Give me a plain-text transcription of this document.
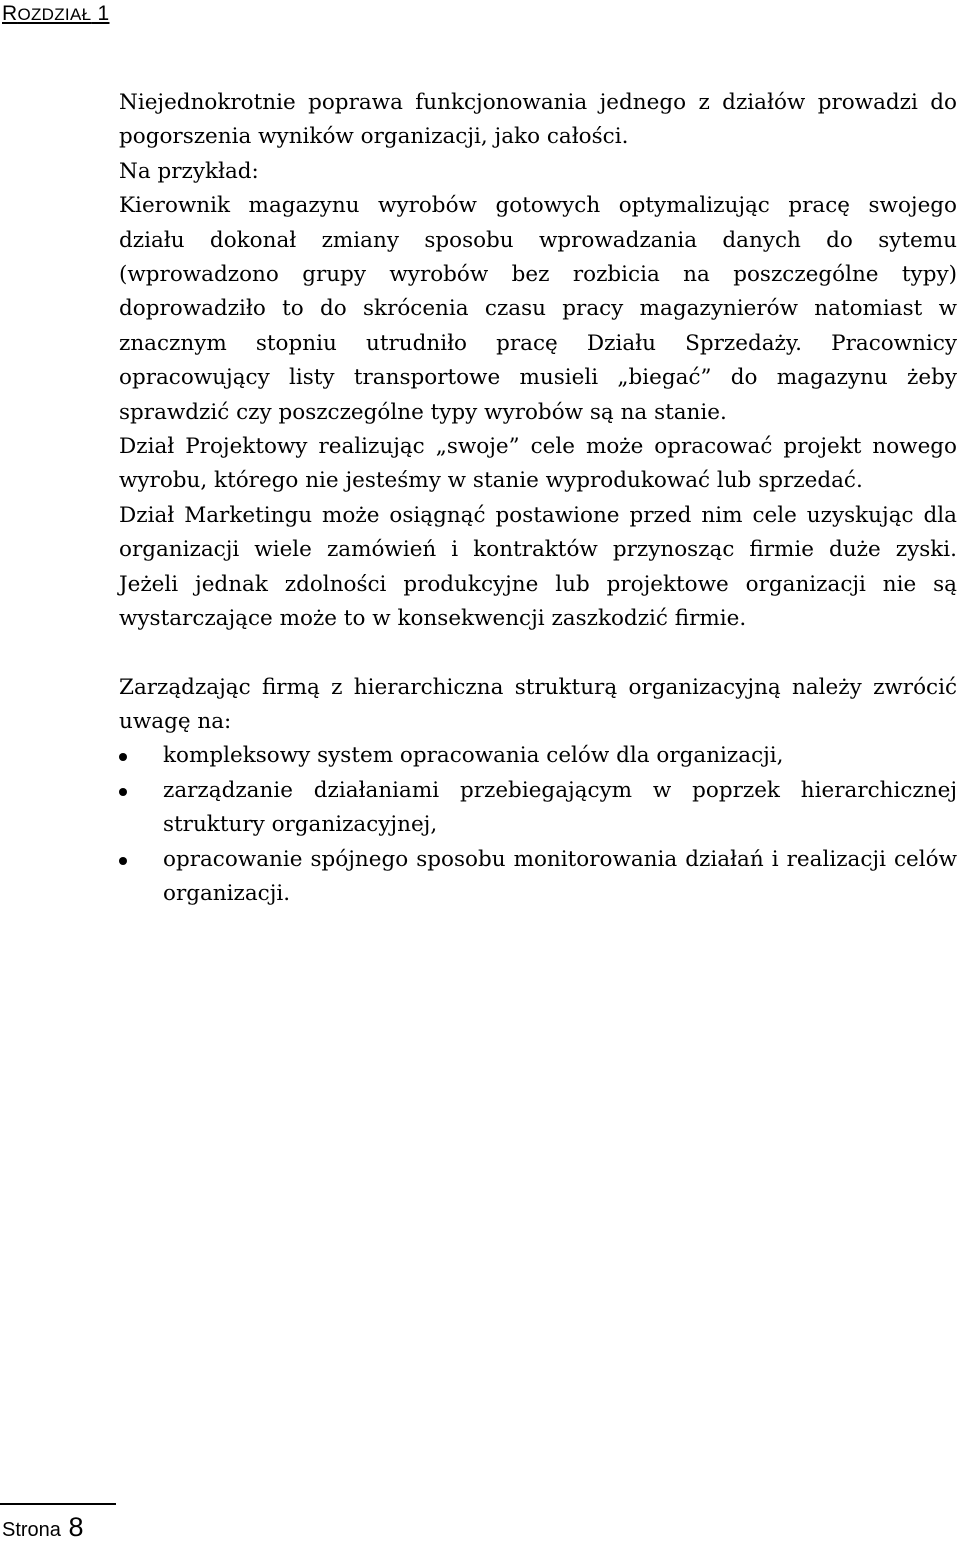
ROZDZIAŁ 1

Niejednokrotnie poprawa funkcjonowania jednego z działów prowadzi do pogorszenia wyników organizacji, jako całości.

Na przykład:

Kierownik magazynu wyrobów gotowych optymalizując pracę swojego działu dokonał zmiany sposobu wprowadzania danych do sytemu (wprowadzono grupy wyrobów bez rozbicia na poszczególne typy) doprowadziło to do skrócenia czasu pracy magazynierów natomiast w znacznym stopniu utrudniło pracę Działu Sprzedaży. Pracownicy opracowujący listy transportowe musieli „biegać” do magazynu żeby sprawdzić czy poszczególne typy wyrobów są na stanie.

Dział Projektowy realizując „swoje” cele może opracować projekt nowego wyrobu, którego nie jesteśmy w stanie wyprodukować lub sprzedać.

Dział Marketingu może osiągnąć postawione przed nim cele uzyskując dla organizacji wiele zamówień i kontraktów przynosząc firmie duże zyski. Jeżeli jednak zdolności produkcyjne lub projektowe organizacji nie są wystarczające może to w konsekwencji zaszkodzić firmie.

Zarządzając firmą z hierarchiczna strukturą organizacyjną należy zwrócić uwagę na:

kompleksowy system opracowania celów dla organizacji,
zarządzanie działaniami przebiegającym w poprzek hierarchicznej struktury organizacyjnej,
opracowanie spójnego sposobu monitorowania działań i realizacji celów organizacji.
Strona 8
